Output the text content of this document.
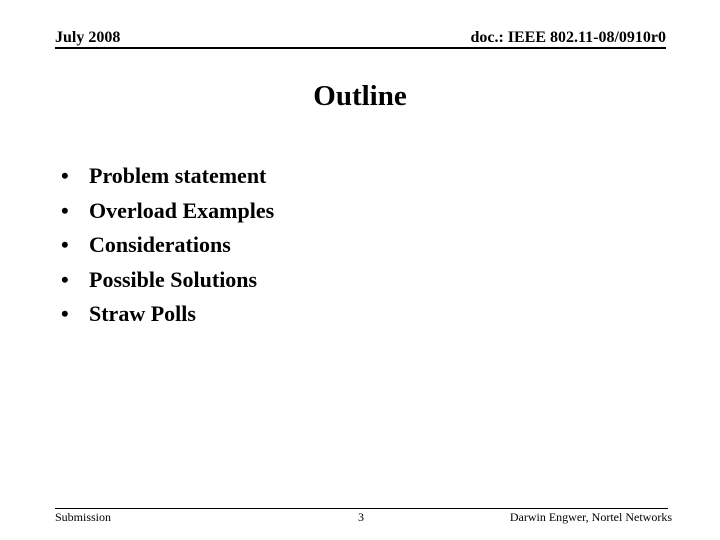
July 2008	doc.: IEEE 802.11-08/0910r0
Outline
• Problem statement
• Overload Examples
• Considerations
• Possible Solutions
• Straw Polls
Submission	3	Darwin Engwer, Nortel Networks
